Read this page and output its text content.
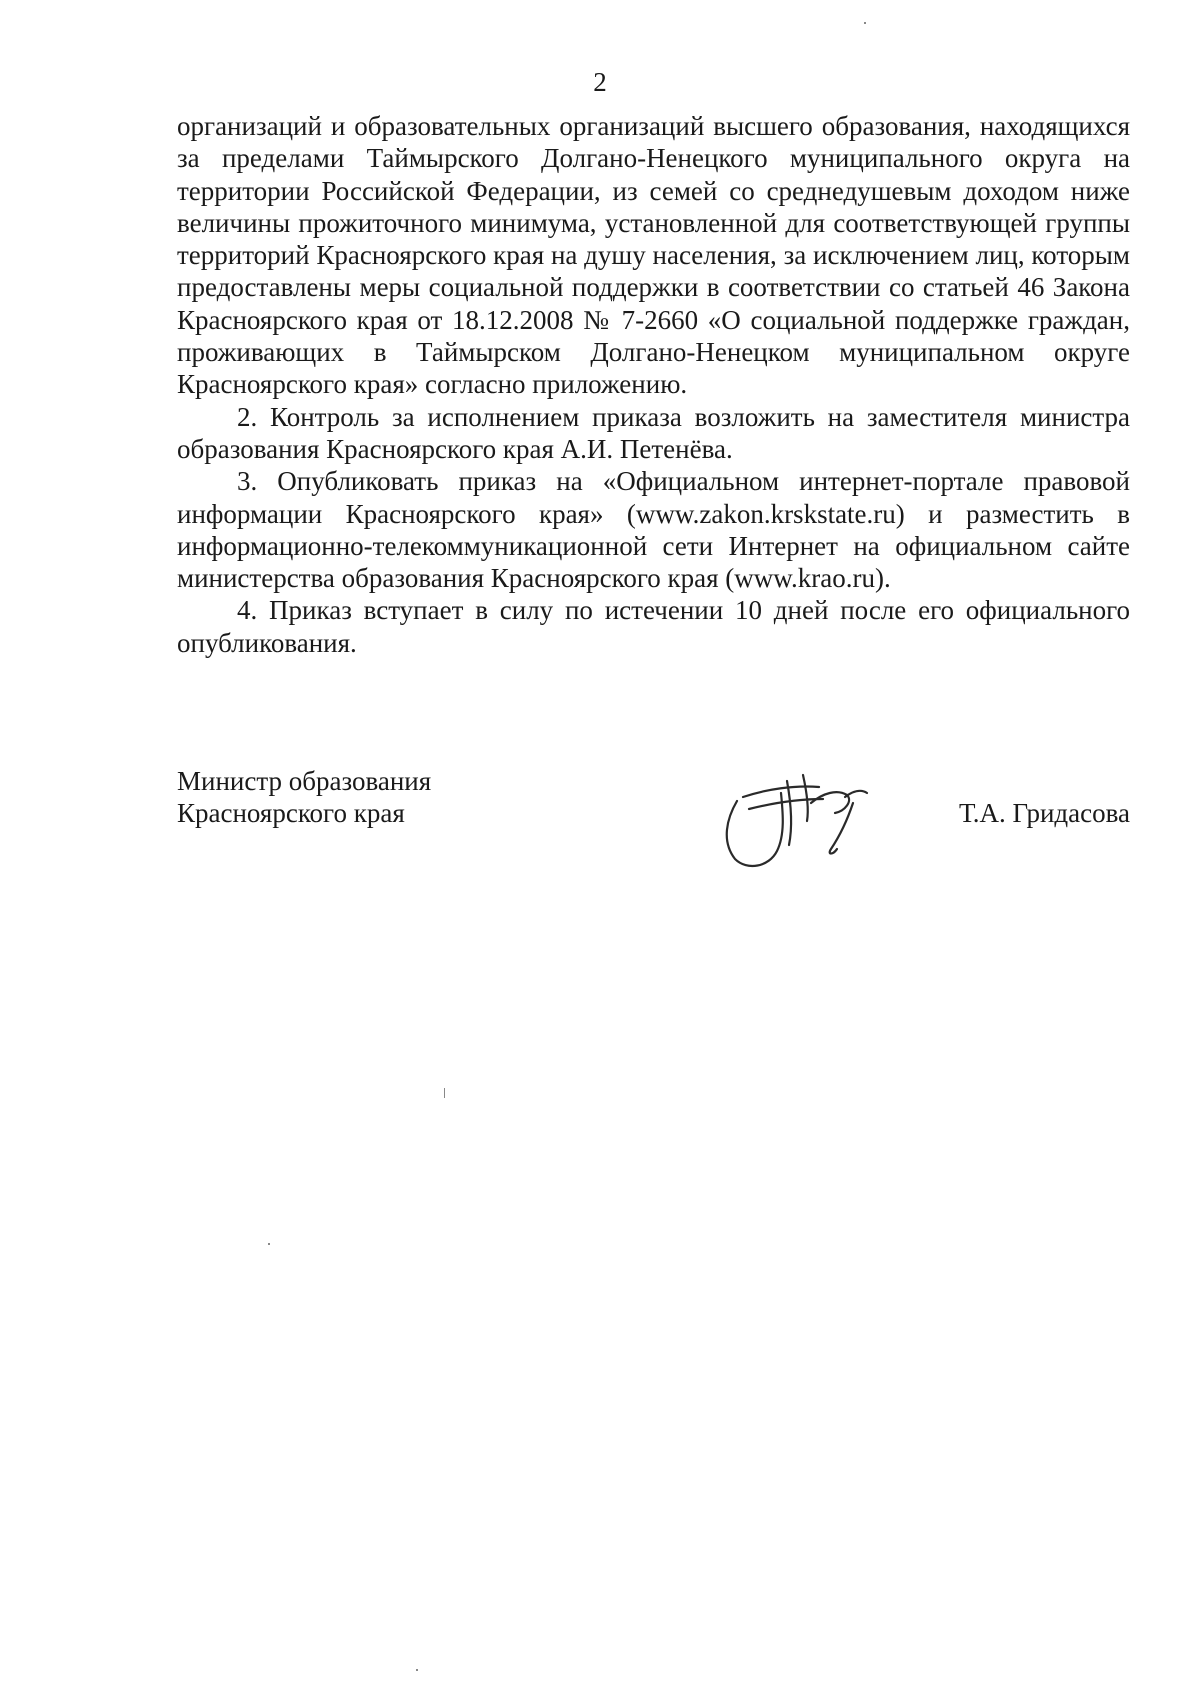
2

организаций и образовательных организаций высшего образования, находящихся за пределами Таймырского Долгано-Ненецкого муниципального округа на территории Российской Федерации, из семей со среднедушевым доходом ниже величины прожиточного минимума, установленной для соответствующей группы территорий Красноярского края на душу населения, за исключением лиц, которым предоставлены меры социальной поддержки в соответствии со статьей 46 Закона Красноярского края от 18.12.2008 № 7-2660 «О социальной поддержке граждан, проживающих в Таймырском Долгано-Ненецком муниципальном округе Красноярского края» согласно приложению.

2. Контроль за исполнением приказа возложить на заместителя министра образования Красноярского края А.И. Петенёва.

3. Опубликовать приказ на «Официальном интернет-портале правовой информации Красноярского края» (www.zakon.krskstate.ru) и разместить в информационно-телекоммуникационной сети Интернет на официальном сайте министерства образования Красноярского края (www.krao.ru).

4. Приказ вступает в силу по истечении 10 дней после его официального опубликования.

Министр образования
Красноярского края	Т.А. Гридасова
